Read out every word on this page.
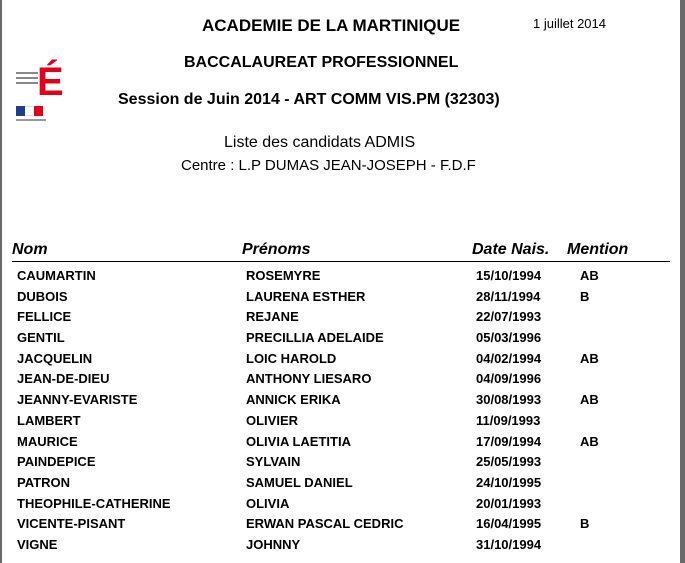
É
ACADEMIE DE LA MARTINIQUE	1 juillet 2014
BACCALAUREAT PROFESSIONNEL
Session de Juin 2014 - ART COMM VIS.PM (32303)
Liste des candidats ADMIS
Centre : L.P DUMAS JEAN-JOSEPH - F.D.F
Nom	Prénoms	Date Nais. Mention
CAUMARTIN	ROSEMYRE	15/10/1994	AB
DUBOIS	LAURENA ESTHER	28/11/1994	B
FELLICE	REJANE	22/07/1993
GENTIL	PRECILLIA ADELAIDE	05/03/1996
JACQUELIN	LOIC HAROLD	04/02/1994	AB
JEAN-DE-DIEU	ANTHONY LIESARO	04/09/1996
JEANNY-EVARISTE	ANNICK ERIKA	30/08/1993	AB
LAMBERT	OLIVIER	11/09/1993
MAURICE	OLIVIA LAETITIA	17/09/1994	AB
PAINDEPICE	SYLVAIN	25/05/1993
PATRON	SAMUEL DANIEL	24/10/1995
THEOPHILE-CATHERINE	OLIVIA	20/01/1993
VICENTE-PISANT	ERWAN PASCAL CEDRIC	16/04/1995	B
VIGNE	JOHNNY	31/10/1994
